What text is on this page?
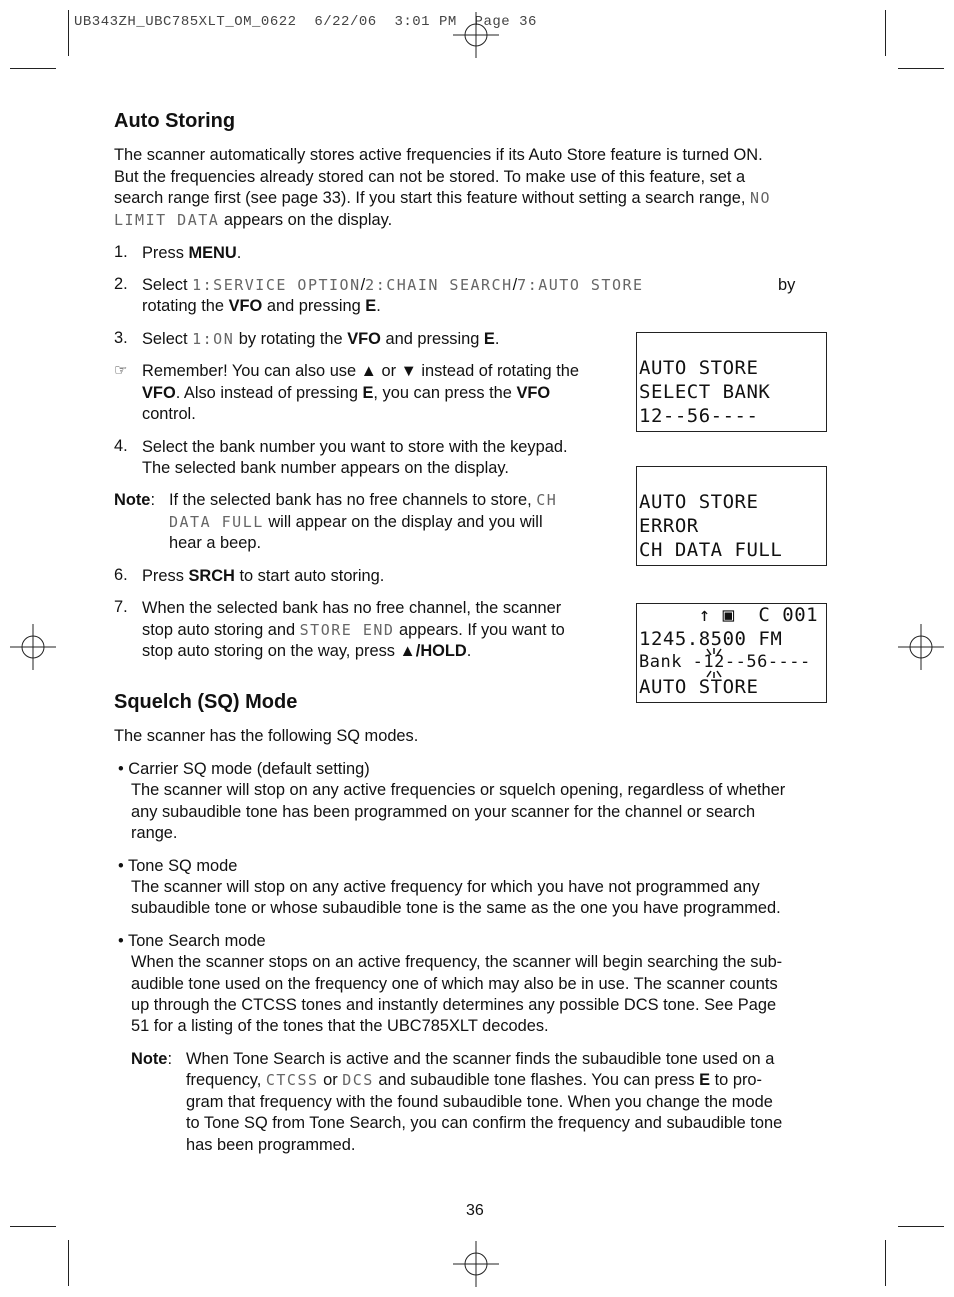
UB343ZH_UBC785XLT_OM_0622  6/22/06  3:01 PM  Page 36
Auto Storing

The scanner automatically stores active frequencies if its Auto Store feature is turned ON.

But the frequencies already stored can not be stored. To make use of this feature, set a

search range first (see page 33). If you start this feature without setting a search range, NO

LIMIT DATA appears on the display.

1. Press MENU.

2. Select 1:SERVICE OPTION/2:CHAIN SEARCH/7:AUTO STORE	by

rotating the VFO and pressing E.

3. Select 1:ON by rotating the VFO and pressing E.

☞ Remember! You can also use ▲ or ▼ instead of rotating the

VFO. Also instead of pressing E, you can press the VFO

control.

4. Select the bank number you want to store with the keypad.

The selected bank number appears on the display.

Note: If the selected bank has no free channels to store, CH

DATA FULL will appear on the display and you will

hear a beep.

6. Press SRCH to start auto storing.

7. When the selected bank has no free channel, the scanner

stop auto storing and STORE END appears. If you want to

stop auto storing on the way, press ▲/HOLD.

AUTO STORE
SELECT BANK
12--56----
AUTO STORE
ERROR
CH DATA FULL
↑ ▣  C 001
1245.8500 FM
Bank -12--56----
AUTO STORE
Squelch (SQ) Mode

The scanner has the following SQ modes.

• Carrier SQ mode (default setting)

The scanner will stop on any active frequencies or squelch opening, regardless of whether

any subaudible tone has been programmed on your scanner for the channel or search

range.

• Tone SQ mode

The scanner will stop on any active frequency for which you have not programmed any

subaudible tone or whose subaudible tone is the same as the one you have programmed.

• Tone Search mode

When the scanner stops on an active frequency, the scanner will begin searching the sub-

audible tone used on the frequency one of which may also be in use. The scanner counts

up through the CTCSS tones and instantly determines any possible DCS tone. See Page

51 for a listing of the tones that the UBC785XLT decodes.

Note: When Tone Search is active and the scanner finds the subaudible tone used on a

frequency, CTCSS or DCS and subaudible tone flashes. You can press E to pro-

gram that frequency with the found subaudible tone. When you change the mode

to Tone SQ from Tone Search, you can confirm the frequency and subaudible tone

has been programmed.

36
